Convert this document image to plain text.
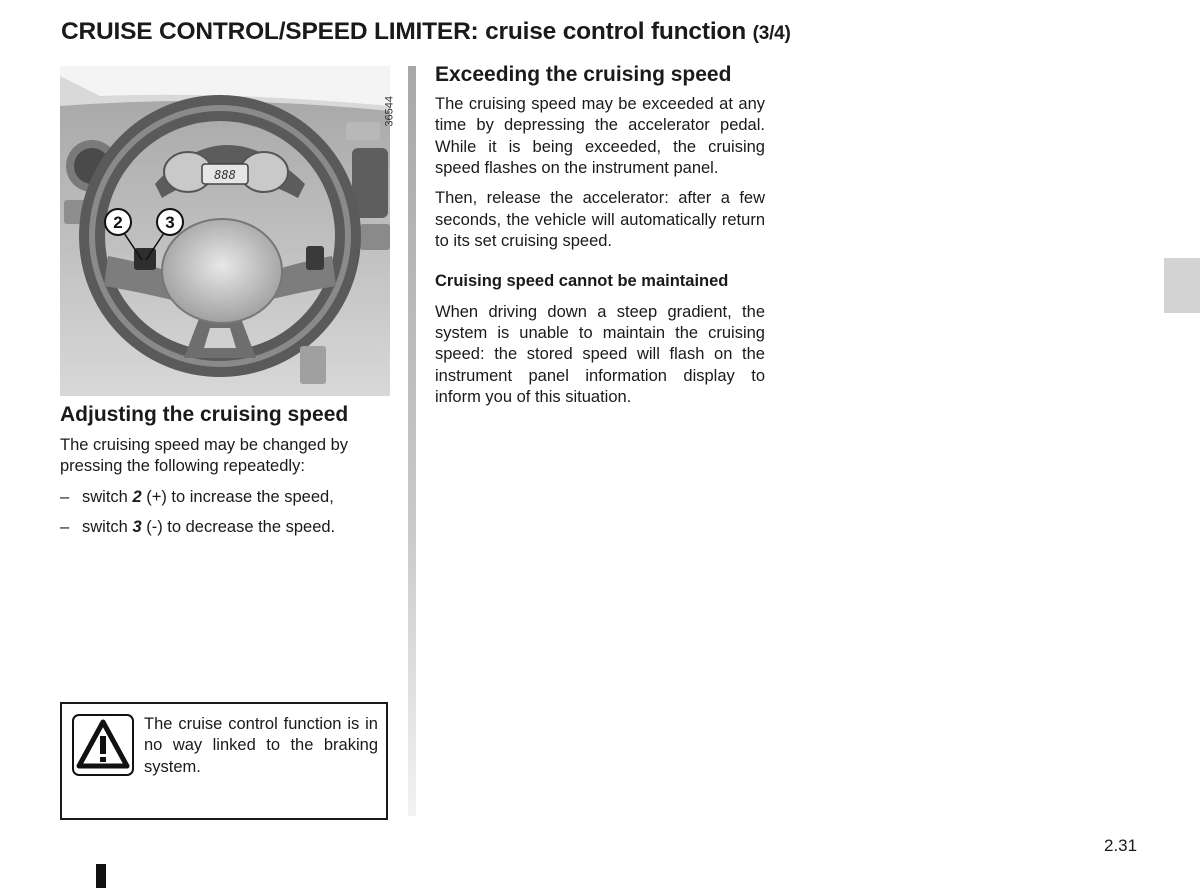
CRUISE CONTROL/SPEED LIMITER: cruise control function (3/4)
888
2	3
36544
Adjusting the cruising speed

The cruising speed may be changed by pressing the following repeatedly:

– switch 2 (+) to increase the speed,
– switch 3 (-) to decrease the speed.
The cruise control function is in no way linked to the braking system.
Exceeding the cruising speed

The cruising speed may be exceeded at any time by depressing the accelerator pedal. While it is being exceeded, the cruising speed flashes on the instrument panel.

Then, release the accelerator: after a few seconds, the vehicle will automatically return to its set cruising speed.

Cruising speed cannot be maintained

When driving down a steep gradient, the system is unable to maintain the cruising speed: the stored speed will flash on the instrument panel information display to inform you of this situation.

2.31
